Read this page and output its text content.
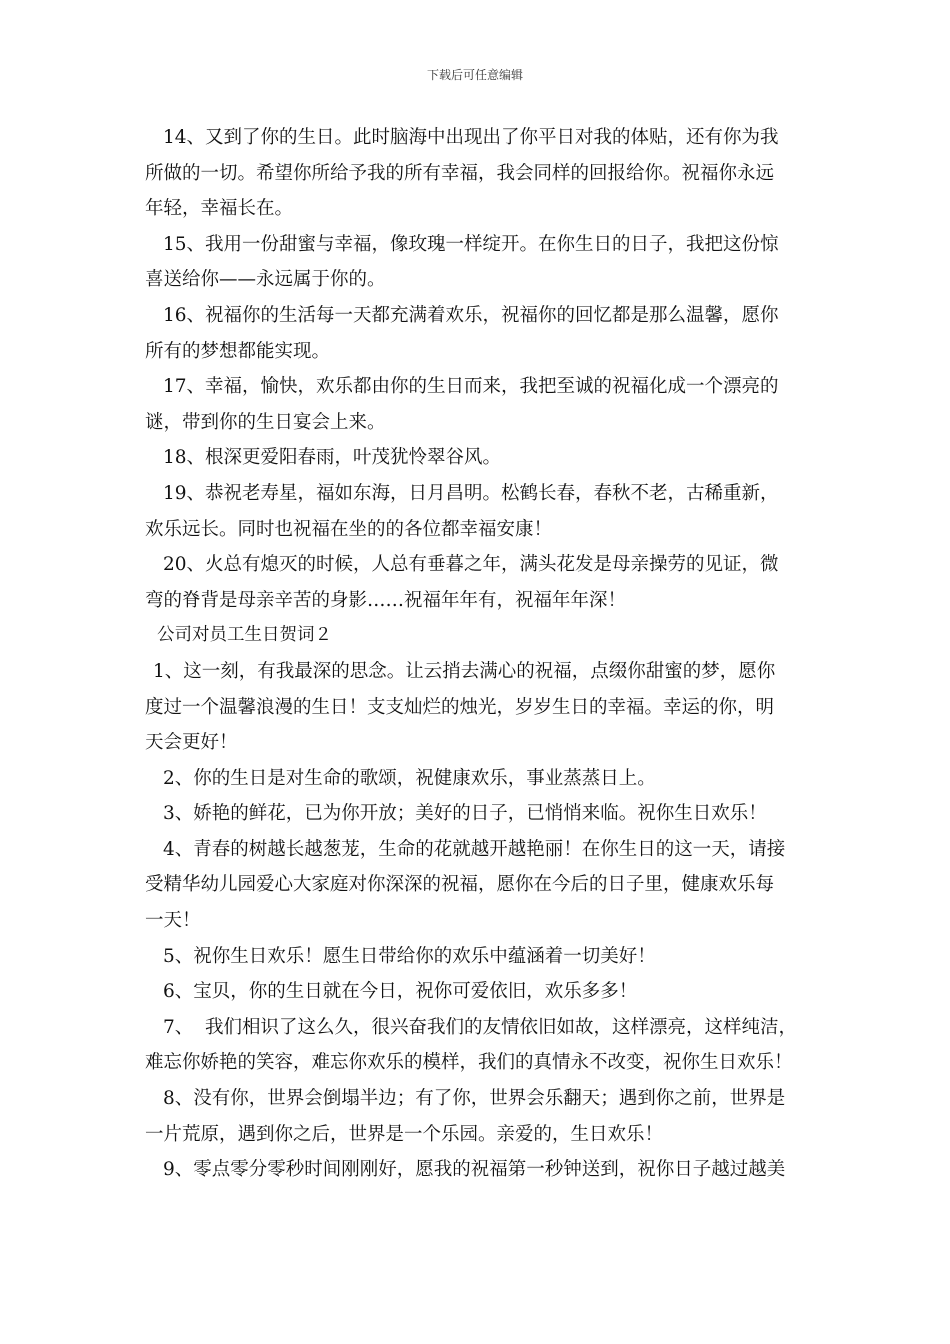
下载后可任意编辑

14、又到了你的生日。此时脑海中出现出了你平日对我的体贴，还有你为我

所做的一切。希望你所给予我的所有幸福，我会同样的回报给你。祝福你永远

年轻，幸福长在。

15、我用一份甜蜜与幸福，像玫瑰一样绽开。在你生日的日子，我把这份惊

喜送给你——永远属于你的。

16、祝福你的生活每一天都充满着欢乐，祝福你的回忆都是那么温馨，愿你

所有的梦想都能实现。

17、幸福，愉快，欢乐都由你的生日而来，我把至诚的祝福化成一个漂亮的

谜，带到你的生日宴会上来。

18、根深更爱阳春雨，叶茂犹怜翠谷风。

19、恭祝老寿星，福如东海，日月昌明。松鹤长春，春秋不老，古稀重新，

欢乐远长。同时也祝福在坐的的各位都幸福安康！

20、火总有熄灭的时候，人总有垂暮之年，满头花发是母亲操劳的见证，微

弯的脊背是母亲辛苦的身影……祝福年年有，祝福年年深！

公司对员工生日贺词２

1、这一刻，有我最深的思念。让云捎去满心的祝福，点缀你甜蜜的梦，愿你

度过一个温馨浪漫的生日！支支灿烂的烛光，岁岁生日的幸福。幸运的你，明

天会更好！

2、你的生日是对生命的歌颂，祝健康欢乐，事业蒸蒸日上。

3、娇艳的鲜花，已为你开放；美好的日子，已悄悄来临。祝你生日欢乐！

4、青春的树越长越葱茏，生命的花就越开越艳丽！在你生日的这一天，请接

受精华幼儿园爱心大家庭对你深深的祝福，愿你在今后的日子里，健康欢乐每

一天！

5、祝你生日欢乐！愿生日带给你的欢乐中蕴涵着一切美好！

6、宝贝，你的生日就在今日，祝你可爱依旧，欢乐多多！

7、  我们相识了这么久，很兴奋我们的友情依旧如故，这样漂亮，这样纯洁，

难忘你娇艳的笑容，难忘你欢乐的模样，我们的真情永不改变，祝你生日欢乐！

8、没有你，世界会倒塌半边；有了你，世界会乐翻天；遇到你之前，世界是

一片荒原，遇到你之后，世界是一个乐园。亲爱的，生日欢乐！

9、零点零分零秒时间刚刚好，愿我的祝福第一秒钟送到，祝你日子越过越美
